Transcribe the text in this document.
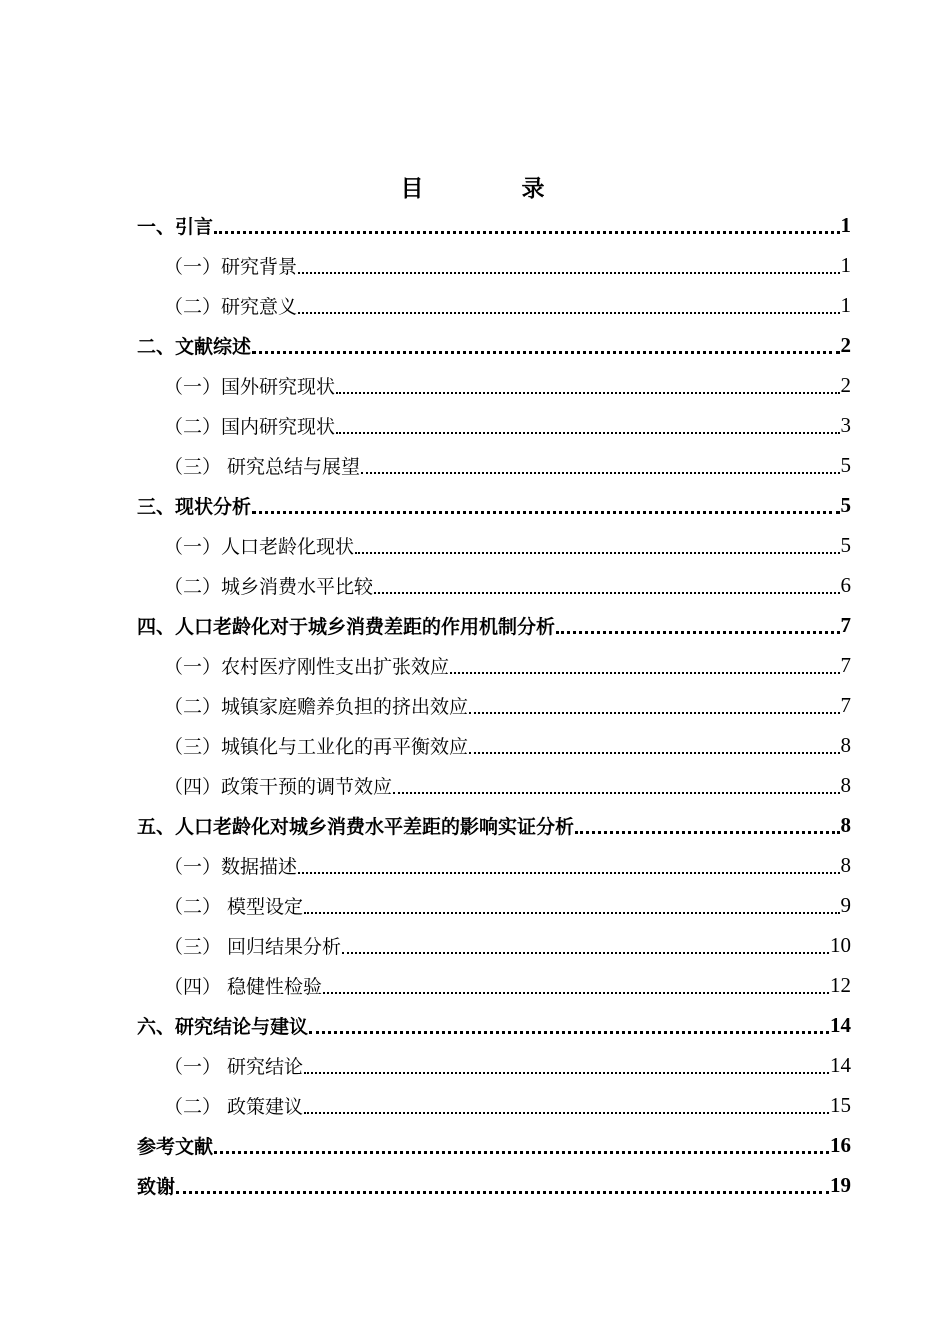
目 录
一、引言	1
（一）研究背景	1
（二）研究意义	1
二、文献综述	2
（一）国外研究现状	2
（二）国内研究现状	3
（三） 研究总结与展望	5
三、现状分析	5
（一）人口老龄化现状	5
（二）城乡消费水平比较	6
四、人口老龄化对于城乡消费差距的作用机制分析	7
（一）农村医疗刚性支出扩张效应	7
（二）城镇家庭赡养负担的挤出效应	7
（三）城镇化与工业化的再平衡效应	8
（四）政策干预的调节效应	8
五、人口老龄化对城乡消费水平差距的影响实证分析	8
（一）数据描述	8
（二） 模型设定	9
（三） 回归结果分析	10
（四） 稳健性检验	12
六、研究结论与建议	14
（一） 研究结论	14
（二） 政策建议	15
参考文献	16
致谢	19
